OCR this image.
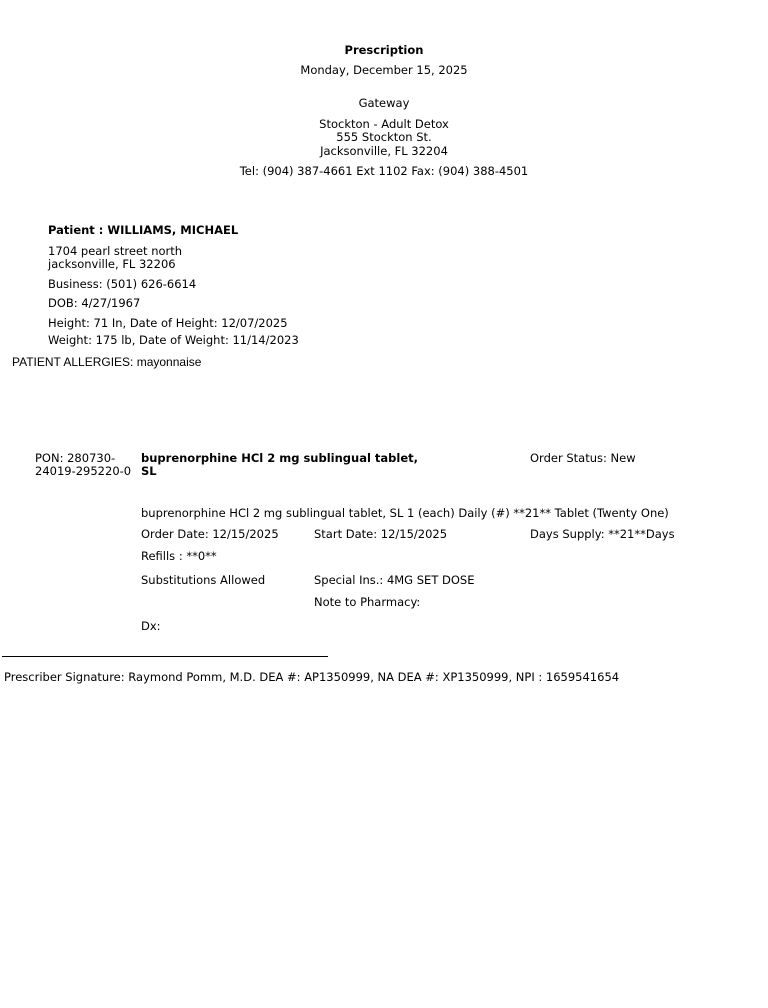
Prescription
Monday, December 15, 2025
Gateway
Stockton - Adult Detox
555 Stockton St.
Jacksonville, FL 32204
Tel: (904) 387-4661 Ext 1102 Fax: (904) 388-4501
Patient : WILLIAMS, MICHAEL
1704 pearl street north
jacksonville, FL 32206
Business: (501) 626-6614
DOB: 4/27/1967
Height: 71 In, Date of Height: 12/07/2025
Weight: 175 lb, Date of Weight: 11/14/2023
PATIENT ALLERGIES: mayonnaise
PON: 280730-
24019-295220-0
buprenorphine HCl 2 mg sublingual tablet,
SL
Order Status: New
buprenorphine HCl 2 mg sublingual tablet, SL 1 (each) Daily (#) **21** Tablet (Twenty One)
Order Date: 12/15/2025	Start Date: 12/15/2025	Days Supply: **21**Days
Refills : **0**
Substitutions Allowed	Special Ins.: 4MG SET DOSE
Note to Pharmacy:
Dx:
Prescriber Signature: Raymond Pomm, M.D. DEA #: AP1350999, NA DEA #: XP1350999, NPI : 1659541654
